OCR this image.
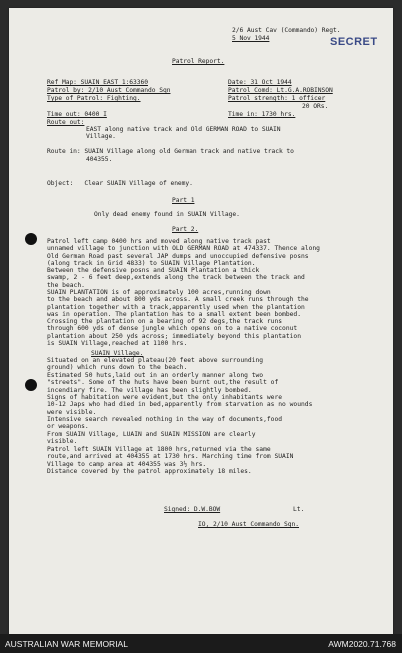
2/6 Aust Cav (Commando) Regt.
5 Nov 1944	SECRET
Patrol Report.
Ref Map: SUAIN EAST 1:63360	Date: 31 Oct 1944
Patrol by: 2/10 Aust Commando Sqn	Patrol Comd: Lt.G.A.ROBINSON
Type of Patrol: Fighting.	Patrol strength: 1 officer
20 ORs.
Time out: 0400 I	Time in: 1730 hrs.
Route out:
EAST along native track and Old GERMAN ROAD to SUAIN
Village.
Route in: SUAIN Village along old German track and native track to
404355.
Object:   Clear SUAIN Village of enemy.
Part 1
Only dead enemy found in SUAIN Village.
Part 2.
Patrol left camp 0400 hrs and moved along native track past
unnamed village to junction with OLD GERMAN ROAD at 474337. Thence along
Old German Road past several JAP dumps and unoccupied defensive posns
(along track in Grid 4833) to SUAIN Village Plantation.
Between the defensive posns and SUAIN Plantation a thick
swamp, 2 - 6 feet deep,extends along the track between the track and
the beach.
SUAIN PLANTATION is of approximately 100 acres,running down
to the beach and about 800 yds across. A small creek runs through the
plantation together with a track,apparently used when the plantation
was in operation. The plantation has to a small extent been bombed.
Crossing the plantation on a bearing of 92 degs,the track runs
through 600 yds of dense jungle which opens on to a native coconut
plantation about 250 yds across; immediately beyond this plantation
is SUAIN Village,reached at 1100 hrs.
SUAIN Village.
Situated on an elevated plateau(20 feet above surrounding
ground) which runs down to the beach.
Estimated 50 huts,laid out in an orderly manner along two
"streets". Some of the huts have been burnt out,the result of
incendiary fire. The village has been slightly bombed.
Signs of habitation were evident,but the only inhabitants were
10-12 Japs who had died in bed,apparently from starvation as no wounds
were visible.
Intensive search revealed nothing in the way of documents,food
or weapons.
From SUAIN Village, LUAIN and SUAIN MISSION are clearly
visible.
Patrol left SUAIN Village at 1800 hrs,returned via the same
route,and arrived at 404355 at 1730 hrs. Marching time from SUAIN
Village to camp area at 404355 was 3½ hrs.
Distance covered by the patrol approximately 18 miles.
Signed: D.W.BOW	Lt.
IO, 2/10 Aust Commando Sqn.
AUSTRALIAN WAR MEMORIAL	AWM2020.71.768
